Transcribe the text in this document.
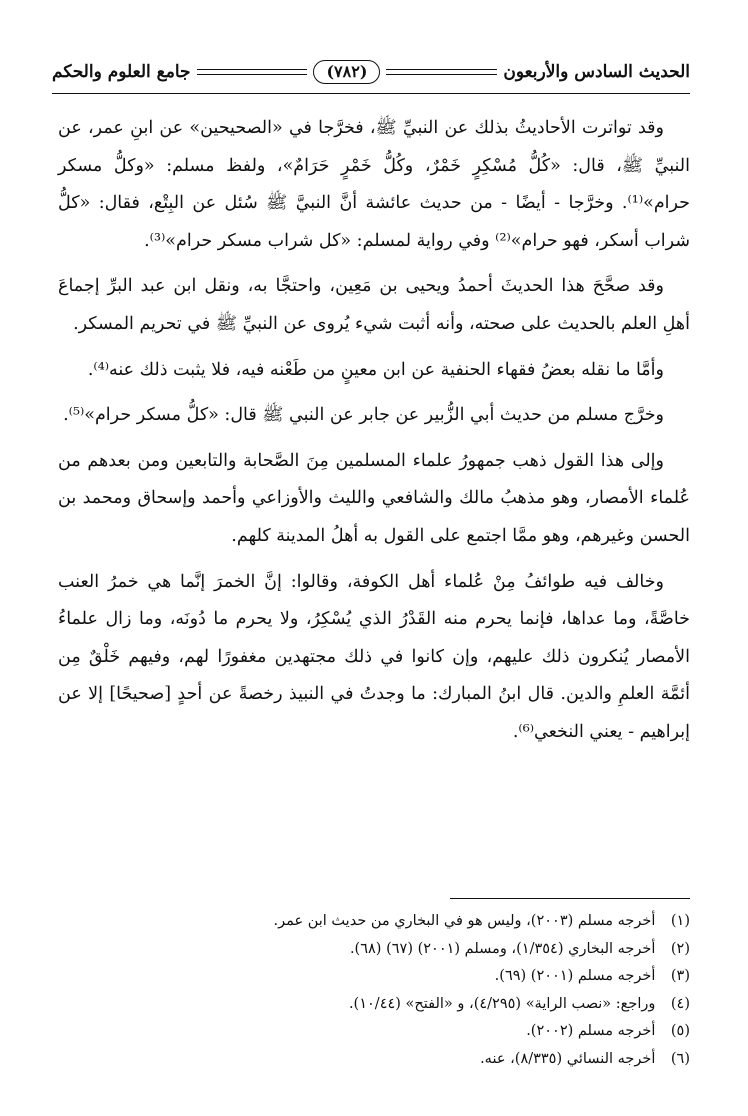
الحديث السادس والأربعون
(٧٨٢)
جامع العلوم والحكم

وقد تواترت الأحاديثُ بذلك عن النبيِّ ﷺ، فخرَّجا في «الصحيحين» عن ابنِ عمر، عن النبيِّ ﷺ، قال: «كُلُّ مُسْكِرٍ خَمْرٌ، وكُلُّ خَمْرٍ حَرَامٌ»، ولفظ مسلم: «وكلُّ مسكر حرام»⁽¹⁾. وخرَّجا - أيضًا - من حديث عائشة أنَّ النبيَّ ﷺ سُئل عن البِتْع، فقال: «كلُّ شراب أسكر، فهو حرام»⁽²⁾ وفي رواية لمسلم: «كل شراب مسكر حرام»⁽³⁾.

وقد صحَّحَ هذا الحديثَ أحمدُ ويحيى بن مَعِين، واحتجَّا به، ونقل ابن عبد البرِّ إجماعَ أهلِ العلم بالحديث على صحته، وأنه أثبت شيء يُروى عن النبيِّ ﷺ في تحريم المسكر.

وأمَّا ما نقله بعضُ فقهاء الحنفية عن ابن معينٍ من طَعْنه فيه، فلا يثبت ذلك عنه⁽⁴⁾.

وخرَّج مسلم من حديث أبي الزُّبير عن جابر عن النبي ﷺ قال: «كلُّ مسكر حرام»⁽⁵⁾.

وإلى هذا القول ذهب جمهورُ علماء المسلمين مِنَ الصَّحابة والتابعين ومن بعدهم من عُلماء الأمصار، وهو مذهبُ مالك والشافعي والليث والأوزاعي وأحمد وإسحاق ومحمد بن الحسن وغيرهم، وهو ممَّا اجتمع على القول به أهلُ المدينة كلهم.

وخالف فيه طوائفُ مِنْ عُلماء أهل الكوفة، وقالوا: إنَّ الخمرَ إنَّما هي خمرُ العنب خاصَّةً، وما عداها، فإنما يحرم منه القَدْرُ الذي يُسْكِرُ، ولا يحرم ما دُونَه، وما زال علماءُ الأمصار يُنكرون ذلك عليهم، وإن كانوا في ذلك مجتهدين مغفورًا لهم، وفيهم خَلْقٌ مِن أئمَّة العلمِ والدين. قال ابنُ المبارك: ما وجدتُ في النبيذ رخصةً عن أحدٍ [صحيحًا] إلا عن إبراهيم - يعني النخعي⁽⁶⁾.

(١) أخرجه مسلم (٢٠٠٣)، وليس هو في البخاري من حديث ابن عمر.
(٢) أخرجه البخاري (١/٣٥٤)، ومسلم (٢٠٠١) (٦٧) (٦٨).
(٣) أخرجه مسلم (٢٠٠١) (٦٩).
(٤) وراجع: «نصب الراية» (٤/٢٩٥)، و «الفتح» (١٠/٤٤).
(٥) أخرجه مسلم (٢٠٠٢).
(٦) أخرجه النسائي (٨/٣٣٥)، عنه.
